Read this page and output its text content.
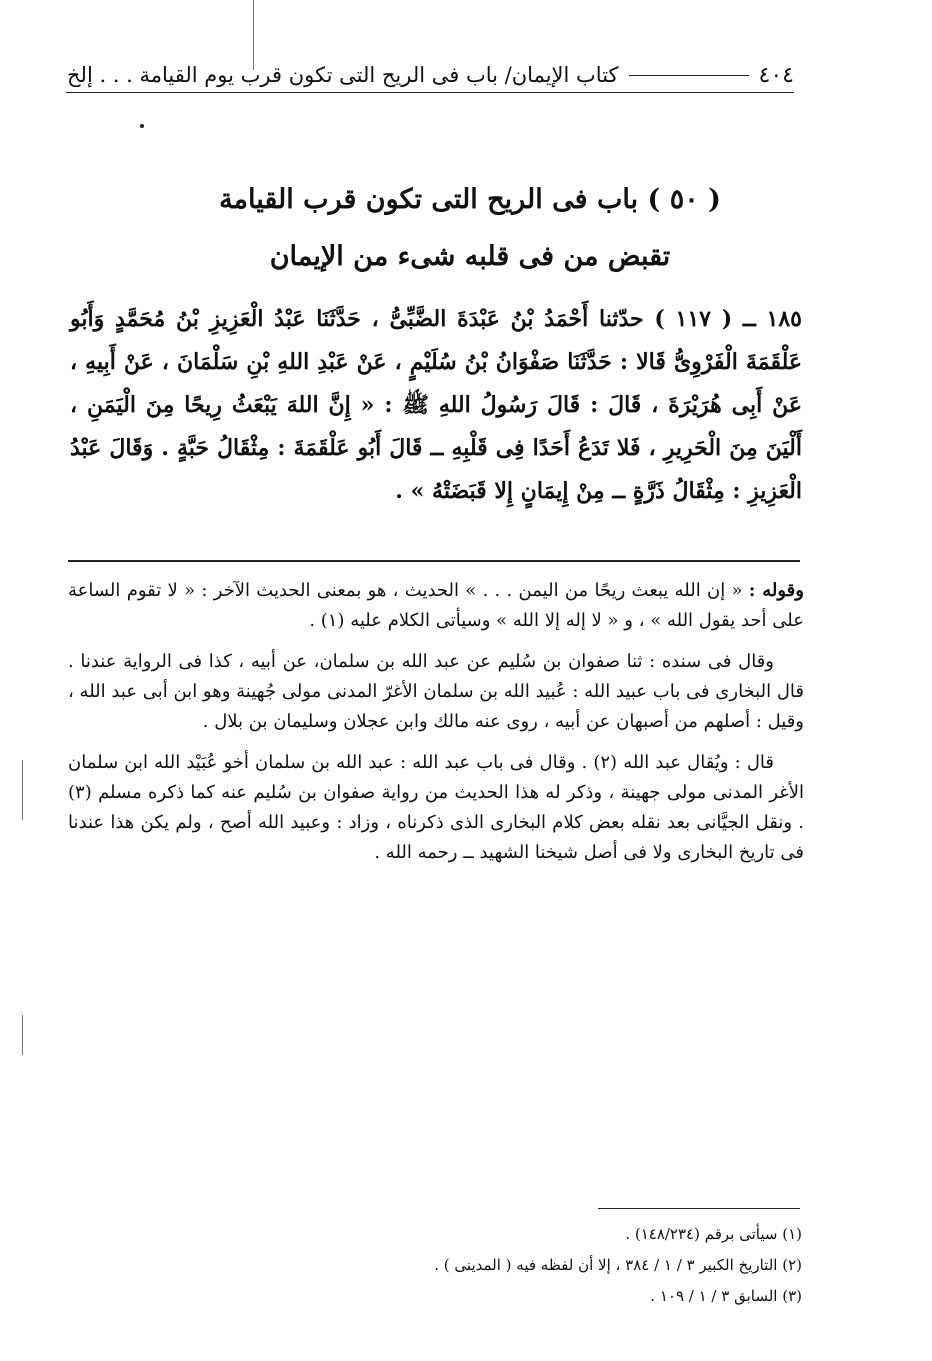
٤٠٤
كتاب الإيمان/ باب فى الريح التى تكون قرب يوم القيامة . . . إلخ
( ٥٠ ) باب فى الريح التى تكون قرب القيامة
تقبض من فى قلبه شىء من الإيمان

١٨٥ ــ ( ١١٧ ) حدّثنا أَحْمَدُ بْنُ عَبْدَةَ الضَّبِّىُّ ، حَدَّثَنَا عَبْدُ الْعَزِيزِ بْنُ مُحَمَّدٍ وَأَبُو عَلْقَمَةَ الْفَرْوِىُّ قَالا : حَدَّثَنَا صَفْوَانُ بْنُ سُلَيْمٍ ، عَنْ عَبْدِ اللهِ بْنِ سَلْمَانَ ، عَنْ أَبِيهِ ، عَنْ أَبِى هُرَيْرَةَ ، قَالَ : قَالَ رَسُولُ اللهِ ﷺ : « إِنَّ اللهَ يَبْعَثُ رِيحًا مِنَ الْيَمَنِ ، أَلْيَنَ مِنَ الْحَرِيرِ ، فَلا تَدَعُ أَحَدًا فِى قَلْبِهِ ــ قَالَ أَبُو عَلْقَمَةَ : مِثْقَالُ حَبَّةٍ . وَقَالَ عَبْدُ الْعَزِيزِ : مِثْقَالُ ذَرَّةٍ ــ مِنْ إِيمَانٍ إِلا قَبَضَتْهُ » .

وقوله : « إن الله يبعث ريحًا من اليمن . . . » الحديث ، هو بمعنى الحديث الآخر : « لا تقوم الساعة على أحد يقول الله » ، و « لا إله إلا الله » وسيأتى الكلام عليه (١) .

وقال فى سنده : ثنا صفوان بن سُليم عن عبد الله بن سلمان، عن أبيه ، كذا فى الرواية عندنا . قال البخارى فى باب عبيد الله : عُبيد الله بن سلمان الأغرّ المدنى مولى جُهينة وهو ابن أبى عبد الله ، وقيل : أصلهم من أصبهان عن أبيه ، روى عنه مالك وابن عجلان وسليمان بن بلال .

قال : ويُقال عبد الله (٢) . وقال فى باب عبد الله : عبد الله بن سلمان أخو عُبَيْد الله ابن سلمان الأغر المدنى مولى جهينة ، وذكر له هذا الحديث من رواية صفوان بن سُليم عنه كما ذكره مسلم (٣) . ونقل الجيَّانى بعد نقله بعض كلام البخارى الذى ذكرناه ، وزاد : وعبيد الله أصح ، ولم يكن هذا عندنا فى تاريخ البخارى ولا فى أصل شيخنا الشهيد ــ رحمه الله .

(١) سيأتى برقم (١٤٨/٢٣٤) .
(٢) التاريخ الكبير ٣ / ١ / ٣٨٤ ، إلا أن لفظه فيه ( المدينى ) .
(٣) السابق ٣ / ١ / ١٠٩ .
